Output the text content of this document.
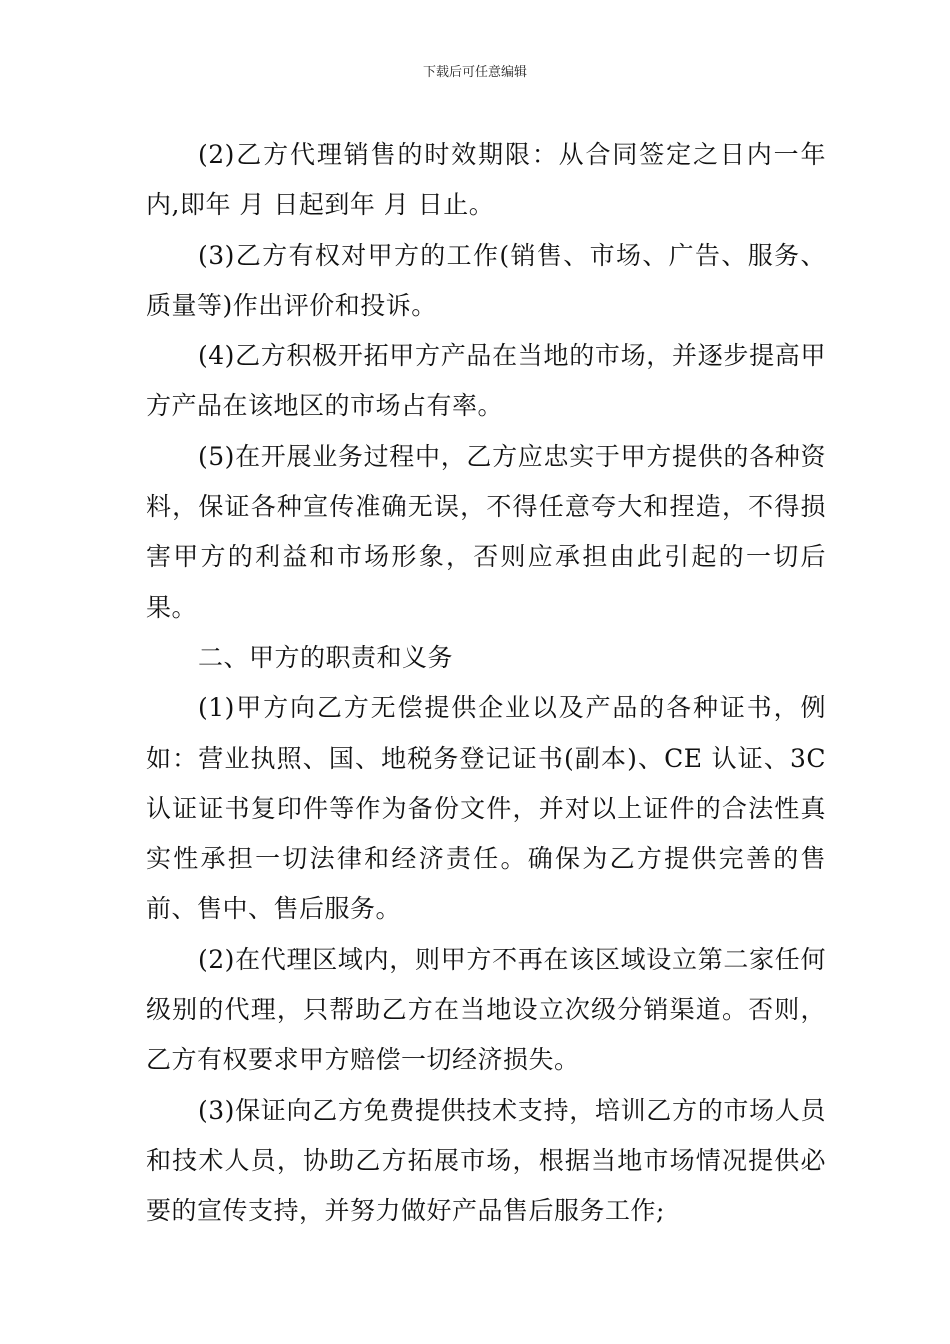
下载后可任意编辑

(2)乙方代理销售的时效期限：从合同签定之日内一年内,即年 月 日起到年 月 日止。

(3)乙方有权对甲方的工作(销售、市场、广告、服务、质量等)作出评价和投诉。

(4)乙方积极开拓甲方产品在当地的市场，并逐步提高甲方产品在该地区的市场占有率。

(5)在开展业务过程中，乙方应忠实于甲方提供的各种资料，保证各种宣传准确无误，不得任意夸大和捏造，不得损害甲方的利益和市场形象，否则应承担由此引起的一切后果。

二、甲方的职责和义务

(1)甲方向乙方无偿提供企业以及产品的各种证书，例如：营业执照、国、地税务登记证书(副本)、CE 认证、3C 认证证书复印件等作为备份文件，并对以上证件的合法性真实性承担一切法律和经济责任。确保为乙方提供完善的售前、售中、售后服务。

(2)在代理区域内，则甲方不再在该区域设立第二家任何级别的代理，只帮助乙方在当地设立次级分销渠道。否则，乙方有权要求甲方赔偿一切经济损失。

(3)保证向乙方免费提供技术支持，培训乙方的市场人员和技术人员，协助乙方拓展市场，根据当地市场情况提供必要的宣传支持，并努力做好产品售后服务工作;
